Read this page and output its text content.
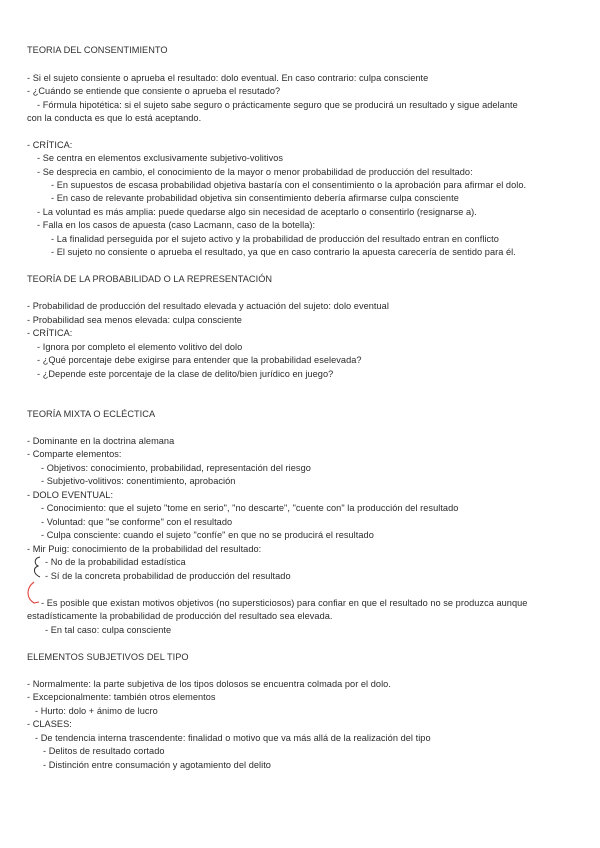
TEORIA DEL CONSENTIMIENTO
- Si el sujeto consiente o aprueba el resultado: dolo eventual. En caso contrario: culpa consciente
- ¿Cuándo se entiende que consiente o aprueba el resutado?
- Fórmula hipotética: si el sujeto sabe seguro o prácticamente seguro que se producirá un resultado y sigue adelante
con la conducta es que lo está aceptando.
- CRÍTICA:
- Se centra en elementos exclusivamente subjetivo-volitivos
- Se desprecia en cambio, el conocimiento de la mayor o menor probabilidad de producción del resultado:
- En supuestos de escasa probabilidad objetiva bastaría con el consentimiento o la aprobación para afirmar el dolo.
- En caso de relevante probabilidad objetiva sin consentimiento debería afirmarse culpa consciente
- La voluntad es más amplia: puede quedarse algo sin necesidad de aceptarlo o consentirlo (resignarse a).
- Falla en los casos de apuesta (caso Lacmann, caso de la botella):
- La finalidad perseguida por el sujeto activo y la probabilidad de producción del resultado entran en conflicto
- El sujeto no consiente o aprueba el resultado, ya que en caso contrario la apuesta carecería de sentido para él.
TEORÍA DE LA PROBABILIDAD O LA REPRESENTACIÓN
- Probabilidad de producción del resultado elevada y actuación del sujeto: dolo eventual
- Probabilidad sea menos elevada: culpa consciente
- CRÍTICA:
- Ignora por completo el elemento volitivo del dolo
- ¿Qué porcentaje debe exigirse para entender que la probabilidad eselevada?
- ¿Depende este porcentaje de la clase de delito/bien jurídico en juego?
TEORÍA MIXTA O ECLÉCTICA
- Dominante en la doctrina alemana
- Comparte elementos:
- Objetivos: conocimiento, probabilidad, representación del riesgo
- Subjetivo-volitivos: conentimiento, aprobación
- DOLO EVENTUAL:
- Conocimiento: que el sujeto "tome en serio", "no descarte", "cuente con" la producción del resultado
- Voluntad: que "se conforme" con el resultado
- Culpa consciente: cuando el sujeto "confíe" en que no se producirá el resultado
- Mir Puig: conocimiento de la probabilidad del resultado:
- No de la probabilidad estadística
- Sí de la concreta probabilidad de producción del resultado
- Es posible que existan motivos objetivos (no supersticiosos) para confiar en que el resultado no se produzca aunque
estadísticamente la probabilidad de producción del resultado sea elevada.
- En tal caso: culpa consciente
ELEMENTOS SUBJETIVOS DEL TIPO
- Normalmente: la parte subjetiva de los tipos dolosos se encuentra colmada por el dolo.
- Excepcionalmente: también otros elementos
- Hurto: dolo + ánimo de lucro
- CLASES:
- De tendencia interna trascendente: finalidad o motivo que va más allá de la realización del tipo
- Delitos de resultado cortado
- Distinción entre consumación y agotamiento del delito
